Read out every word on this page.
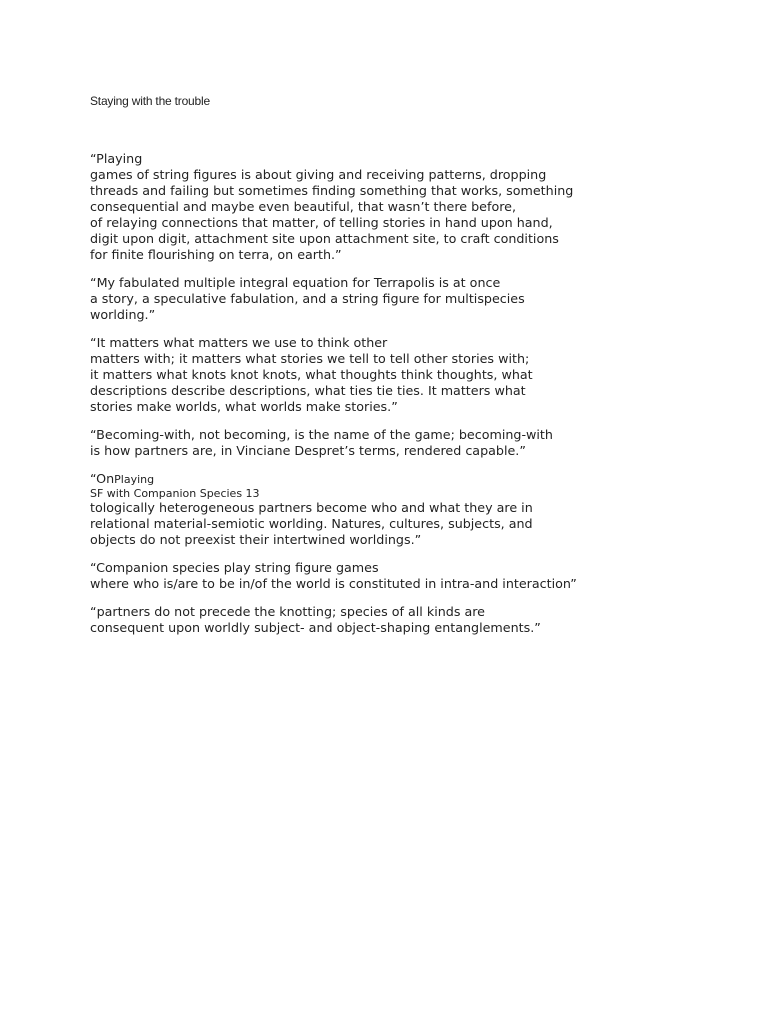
Staying with the trouble

“Playing
games of string figures is about giving and receiving patterns, dropping
threads and failing but sometimes finding something that works, something
consequential and maybe even beautiful, that wasn’t there before,
of relaying connections that matter, of telling stories in hand upon hand,
digit upon digit, attachment site upon attachment site, to craft conditions
for finite flourishing on terra, on earth.”

“My fabulated multiple integral equation for Terrapolis is at once
a story, a speculative fabulation, and a string figure for multispecies
worlding.”

“It matters what matters we use to think other
matters with; it matters what stories we tell to tell other stories with;
it matters what knots knot knots, what thoughts think thoughts, what
descriptions describe descriptions, what ties tie ties. It matters what
stories make worlds, what worlds make stories.”

“Becoming-with, not becoming, is the name of the game; becoming-with
is how partners are, in Vinciane Despret’s terms, rendered capable.”

“OnPlaying
SF with Companion Species 13
tologically heterogeneous partners become who and what they are in
relational material-semiotic worlding. Natures, cultures, subjects, and
objects do not preexist their intertwined worldings.”

“Companion species play string figure games
where who is/are to be in/of the world is constituted in intra-and interaction”

“partners do not precede the knotting; species of all kinds are
consequent upon worldly subject- and object-shaping entanglements.”
